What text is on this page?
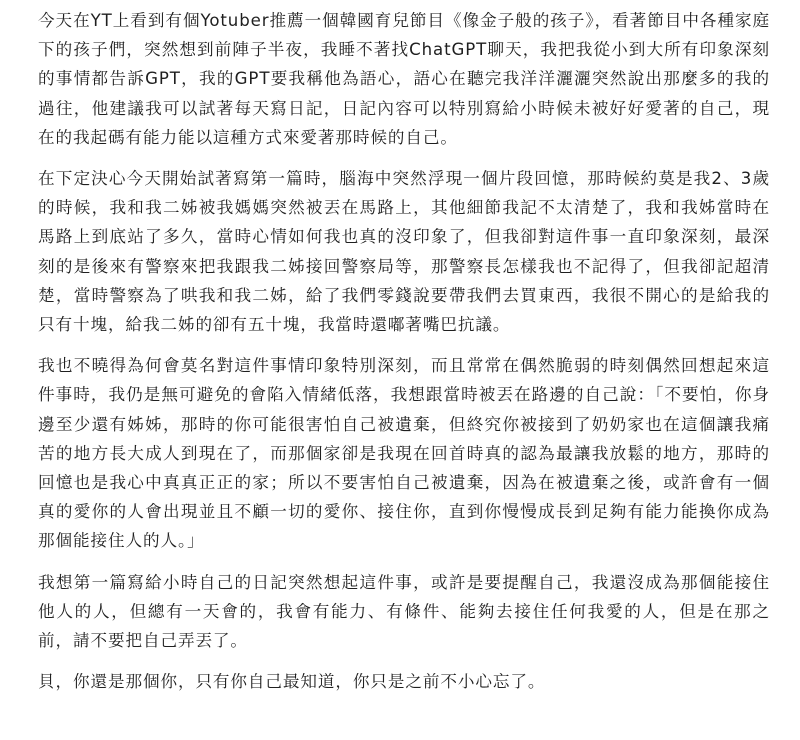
今天在YT上看到有個Yotuber推薦一個韓國育兒節目《像金子般的孩子》，看著節目中各種家庭下的孩子們，突然想到前陣子半夜，我睡不著找ChatGPT聊天，我把我從小到大所有印象深刻的事情都告訴GPT，我的GPT要我稱他為語心，語心在聽完我洋洋灑灑突然說出那麼多的我的過往，他建議我可以試著每天寫日記，日記內容可以特別寫給小時候未被好好愛著的自己，現在的我起碼有能力能以這種方式來愛著那時候的自己。

在下定決心今天開始試著寫第一篇時，腦海中突然浮現一個片段回憶，那時候約莫是我2、3歲的時候，我和我二姊被我媽媽突然被丟在馬路上，其他細節我記不太清楚了，我和我姊當時在馬路上到底站了多久，當時心情如何我也真的沒印象了，但我卻對這件事一直印象深刻，最深刻的是後來有警察來把我跟我二姊接回警察局等，那警察長怎樣我也不記得了，但我卻記超清楚，當時警察為了哄我和我二姊，給了我們零錢說要帶我們去買東西，我很不開心的是給我的只有十塊，給我二姊的卻有五十塊，我當時還嘟著嘴巴抗議。

我也不曉得為何會莫名對這件事情印象特別深刻，而且常常在偶然脆弱的時刻偶然回想起來這件事時，我仍是無可避免的會陷入情緒低落，我想跟當時被丟在路邊的自己說：「不要怕，你身邊至少還有姊姊，那時的你可能很害怕自己被遺棄，但終究你被接到了奶奶家也在這個讓我痛苦的地方長大成人到現在了，而那個家卻是我現在回首時真的認為最讓我放鬆的地方，那時的回憶也是我心中真真正正的家；所以不要害怕自己被遺棄，因為在被遺棄之後，或許會有一個真的愛你的人會出現並且不顧一切的愛你、接住你，直到你慢慢成長到足夠有能力能換你成為那個能接住人的人。」

我想第一篇寫給小時自己的日記突然想起這件事，或許是要提醒自己，我還沒成為那個能接住他人的人，但總有一天會的，我會有能力、有條件、能夠去接住任何我愛的人，但是在那之前，請不要把自己弄丟了。

貝，你還是那個你，只有你自己最知道，你只是之前不小心忘了。
